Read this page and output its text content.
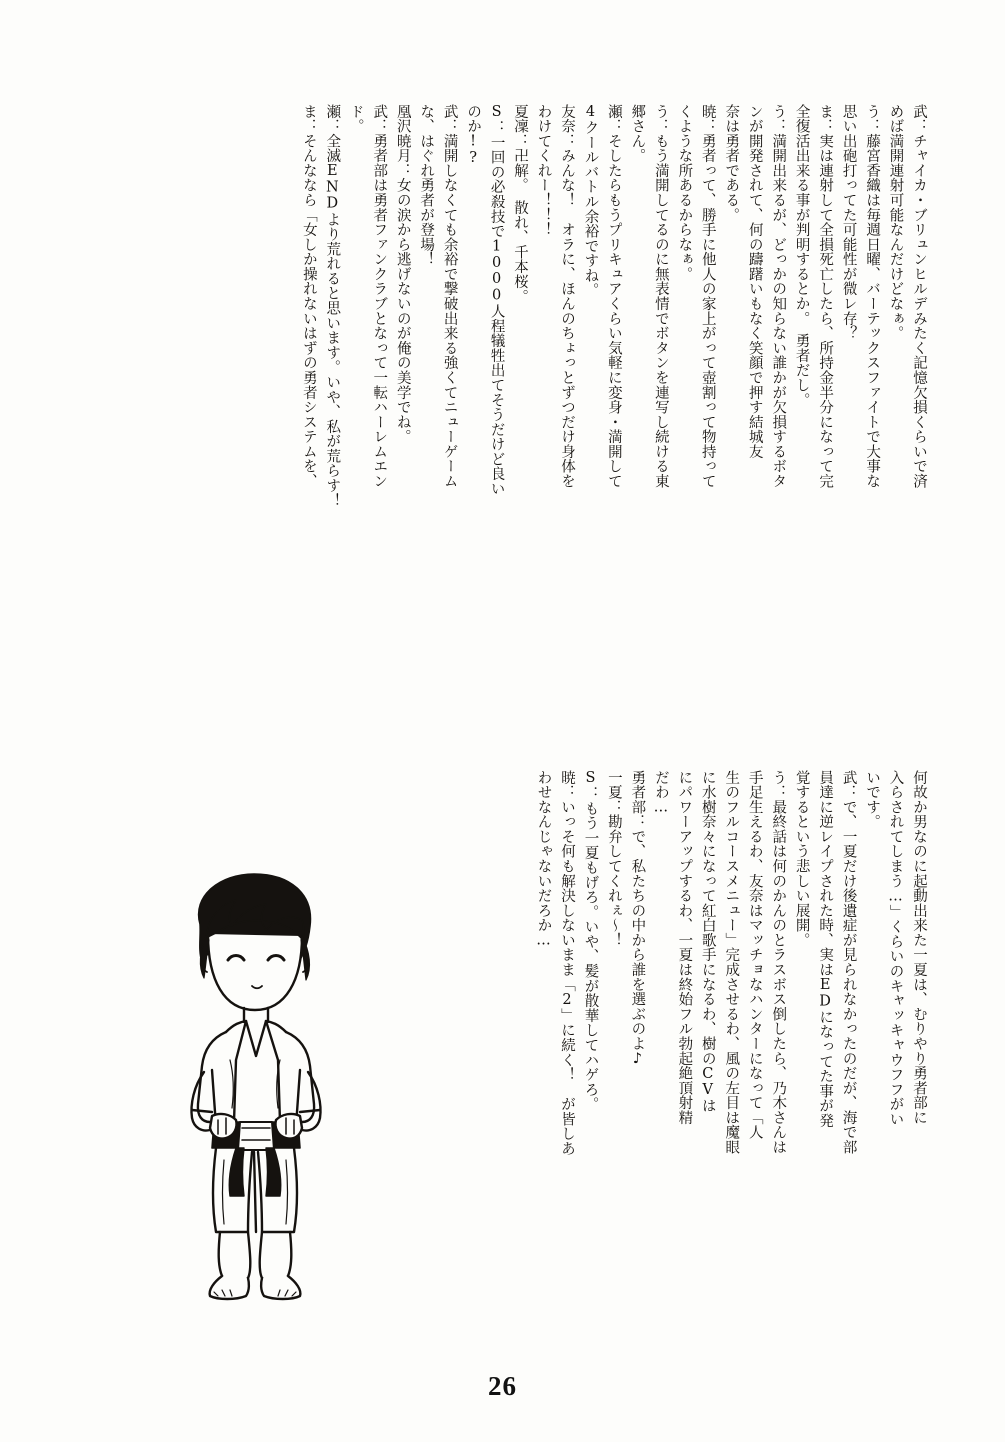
武：チャイカ・ブリュンヒルデみたく記憶欠損くらいで済
めば満開連射可能なんだけどなぁ。
う：藤宮香織は毎週日曜、バーテックスファイトで大事な
思い出砲打ってた可能性が微レ存？
ま：実は連射して全損死亡したら、所持金半分になって完
全復活出来る事が判明するとか。　勇者だし。
う：満開出来るが、どっかの知らない誰かが欠損するボタ
ンが開発されて、何の躊躇いもなく笑顔で押す結城友
奈は勇者である。
暁：勇者って、勝手に他人の家上がって壺割って物持って
くような所あるからなぁ。
う：もう満開してるのに無表情でボタンを連写し続ける東
郷さん。
瀬：そしたらもうプリキュアくらい気軽に変身・満開して
4クールバトル余裕ですね。
友奈：みんな！　オラに、ほんのちょっとずつだけ身体を
わけてくれー！！！
夏凜：卍解。　散れ、千本桜。
S：一回の必殺技で1000人程犠牲出てそうだけど良い
のか!?
武：満開しなくても余裕で撃破出来る強くてニューゲーム
な、はぐれ勇者が登場！
凰沢暁月：女の涙から逃げないのが俺の美学でね。
武：勇者部は勇者ファンクラブとなって一転ハーレムエン
ド。
瀬：全滅ENDより荒れると思います。いや、私が荒らす！
ま：そんななら「女しか操れないはずの勇者システムを、
何故か男なのに起動出来た一夏は、むりやり勇者部に
入らされてしまう…」くらいのキャッキャウフフがい
いです。
武：で、一夏だけ後遺症が見られなかったのだが、海で部
員達に逆レイプされた時、実はEDになってた事が発
覚するという悲しい展開。
う：最終話は何のかんのとラスボス倒したら、乃木さんは
手足生えるわ、友奈はマッチョなハンターになって「人
生のフルコースメニュー」完成させるわ、風の左目は魔眼
に水樹奈々になって紅白歌手になるわ、樹のCVは
にパワーアップするわ、一夏は終始フル勃起絶頂射精
だわ…
勇者部：で、私たちの中から誰を選ぶのよ♪
一夏：勘弁してくれぇ～！
S：もう一夏もげろ。いや、髪が散華してハゲろ。
暁：いっそ何も解決しないまま「2」に続く！　が皆しあ
わせなんじゃないだろか…
26
